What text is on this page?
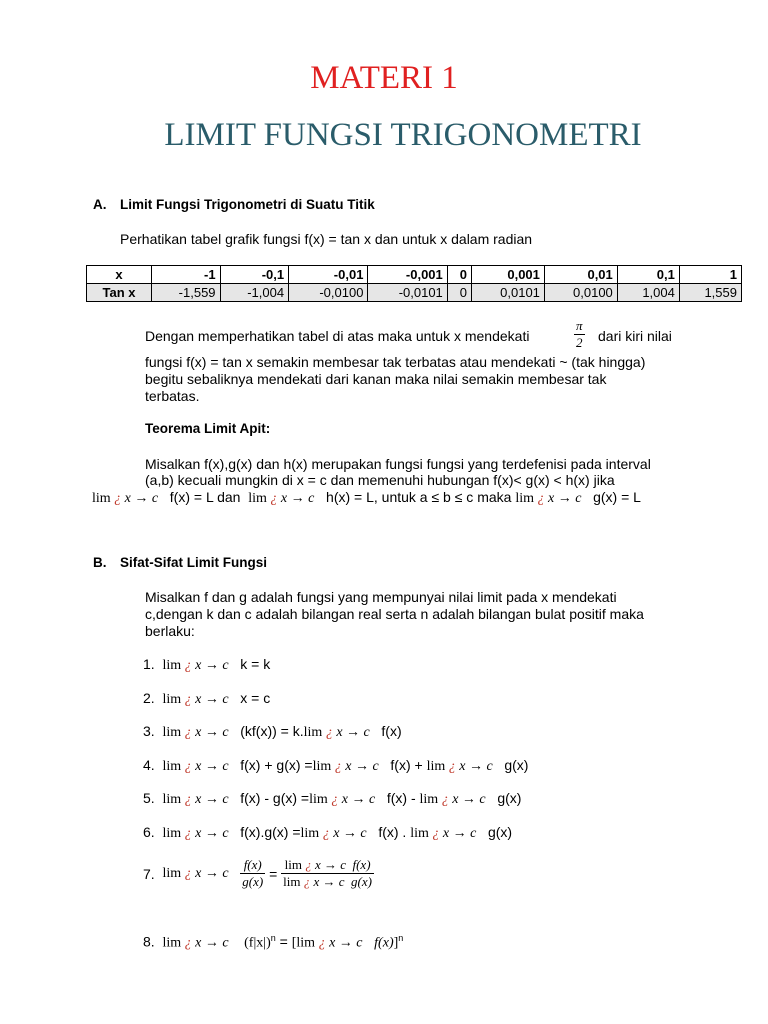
MATERI 1
LIMIT FUNGSI TRIGONOMETRI
A. Limit Fungsi Trigonometri di Suatu Titik
Perhatikan tabel grafik fungsi f(x) = tan x dan untuk x dalam radian
x	-1	-0,1	-0,01	-0,001	0	0,001	0,01	0,1	1
Tan x	-1,559	-1,004	-0,0100	-0,0101	0	0,0101	0,0100	1,004	1,559
Dengan memperhatikan tabel di atas maka untuk x mendekati	$\frac{\pi}{2}$ dari kiri nilai
fungsi f(x) = tan x semakin membesar tak terbatas atau mendekati ~ (tak hingga)
begitu sebaliknya mendekati dari kanan maka nilai semakin membesar tak
terbatas.
Teorema Limit Apit:
Misalkan f(x),g(x) dan h(x) merupakan fungsi fungsi yang terdefenisi pada interval
(a,b) kecuali mungkin di x = c dan memenuhi hubungan f(x)< g(x) < h(x) jika
lim ¿ x → c f(x) = L dan lim ¿ x → c h(x) = L, untuk a ≤ b ≤ c maka lim ¿ x → c g(x) = L
B. Sifat-Sifat Limit Fungsi
Misalkan f dan g adalah fungsi yang mempunyai nilai limit pada x mendekati
c,dengan k dan c adalah bilangan real serta n adalah bilangan bulat positif maka
berlaku:
1. lim ¿ x → c k = k
2. lim ¿ x → c x = c
3. lim ¿ x → c (kf(x)) = k.lim ¿ x → c f(x)
4. lim ¿ x → c f(x) + g(x) =lim ¿ x → c f(x) + lim ¿ x → c g(x)
5. lim ¿ x → c f(x) - g(x) =lim ¿ x → c f(x) - lim ¿ x → c g(x)
6. lim ¿ x → c f(x).g(x) =lim ¿ x → c f(x) . lim ¿ x → c g(x)
7.
lim ¿ x → c
$\frac{f(x)}{g(x)}$
=
$\frac{\text{lim ¿ x → c f(x)}}{\text{lim ¿ x → c g(x)}}$
8. lim ¿ x → c $(f|x|)^n = [\lim$ ¿ x → c f(x)]$^n$
